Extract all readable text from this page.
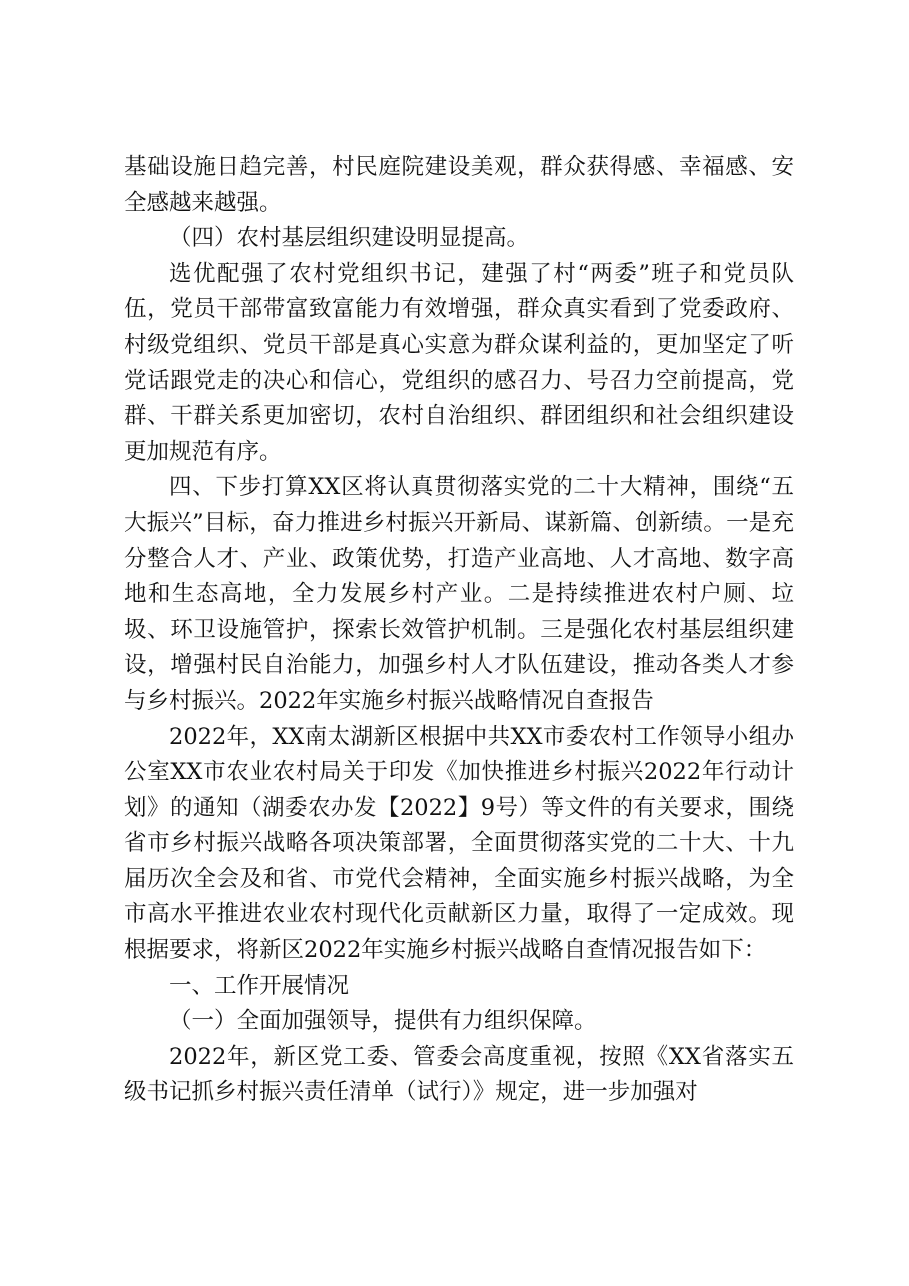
基础设施日趋完善，村民庭院建设美观，群众获得感、幸福感、安全感越来越强。

（四）农村基层组织建设明显提高。

选优配强了农村党组织书记，建强了村“两委”班子和党员队伍，党员干部带富致富能力有效增强，群众真实看到了党委政府、村级党组织、党员干部是真心实意为群众谋利益的，更加坚定了听党话跟党走的决心和信心，党组织的感召力、号召力空前提高，党群、干群关系更加密切，农村自治组织、群团组织和社会组织建设更加规范有序。

四、下步打算XX区将认真贯彻落实党的二十大精神，围绕“五大振兴”目标，奋力推进乡村振兴开新局、谋新篇、创新绩。一是充分整合人才、产业、政策优势，打造产业高地、人才高地、数字高地和生态高地，全力发展乡村产业。二是持续推进农村户厕、垃圾、环卫设施管护，探索长效管护机制。三是强化农村基层组织建设，增强村民自治能力，加强乡村人才队伍建设，推动各类人才参与乡村振兴。2022年实施乡村振兴战略情况自查报告

2022年，XX南太湖新区根据中共XX市委农村工作领导小组办公室XX市农业农村局关于印发《加快推进乡村振兴2022年行动计划》的通知（湖委农办发【2022】9号）等文件的有关要求，围绕省市乡村振兴战略各项决策部署，全面贯彻落实党的二十大、十九届历次全会及和省、市党代会精神，全面实施乡村振兴战略，为全市高水平推进农业农村现代化贡献新区力量，取得了一定成效。现根据要求，将新区2022年实施乡村振兴战略自查情况报告如下：

一、工作开展情况

（一）全面加强领导，提供有力组织保障。

2022年，新区党工委、管委会高度重视，按照《XX省落实五级书记抓乡村振兴责任清单（试行）》规定，进一步加强对
